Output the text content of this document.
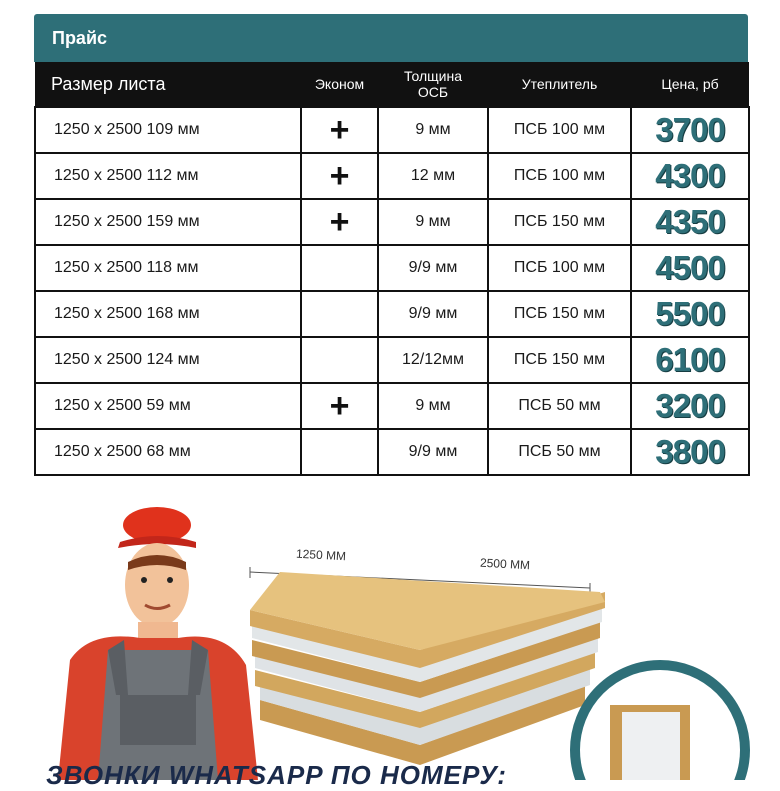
Прайс
Размер листа	Эконом	Толщина ОСБ	Утеплитель	Цена, рб
1250 x 2500 109 мм	+	9 мм	ПСБ 100 мм	3700
1250 x 2500 112 мм	+	12 мм	ПСБ 100 мм	4300
1250 x 2500 159 мм	+	9 мм	ПСБ 150 мм	4350
1250 x 2500 118 мм		9/9 мм	ПСБ 100 мм	4500
1250 x 2500 168 мм		9/9 мм	ПСБ 150 мм	5500
1250 x 2500 124 мм		12/12мм	ПСБ 150 мм	6100
1250 x 2500 59 мм	+	9 мм	ПСБ 50 мм	3200
1250 x 2500 68 мм		9/9 мм	ПСБ 50 мм	3800
1250 ММ
2500 ММ
ЗВОНКИ WHATSAPP ПО НОМЕРУ:
